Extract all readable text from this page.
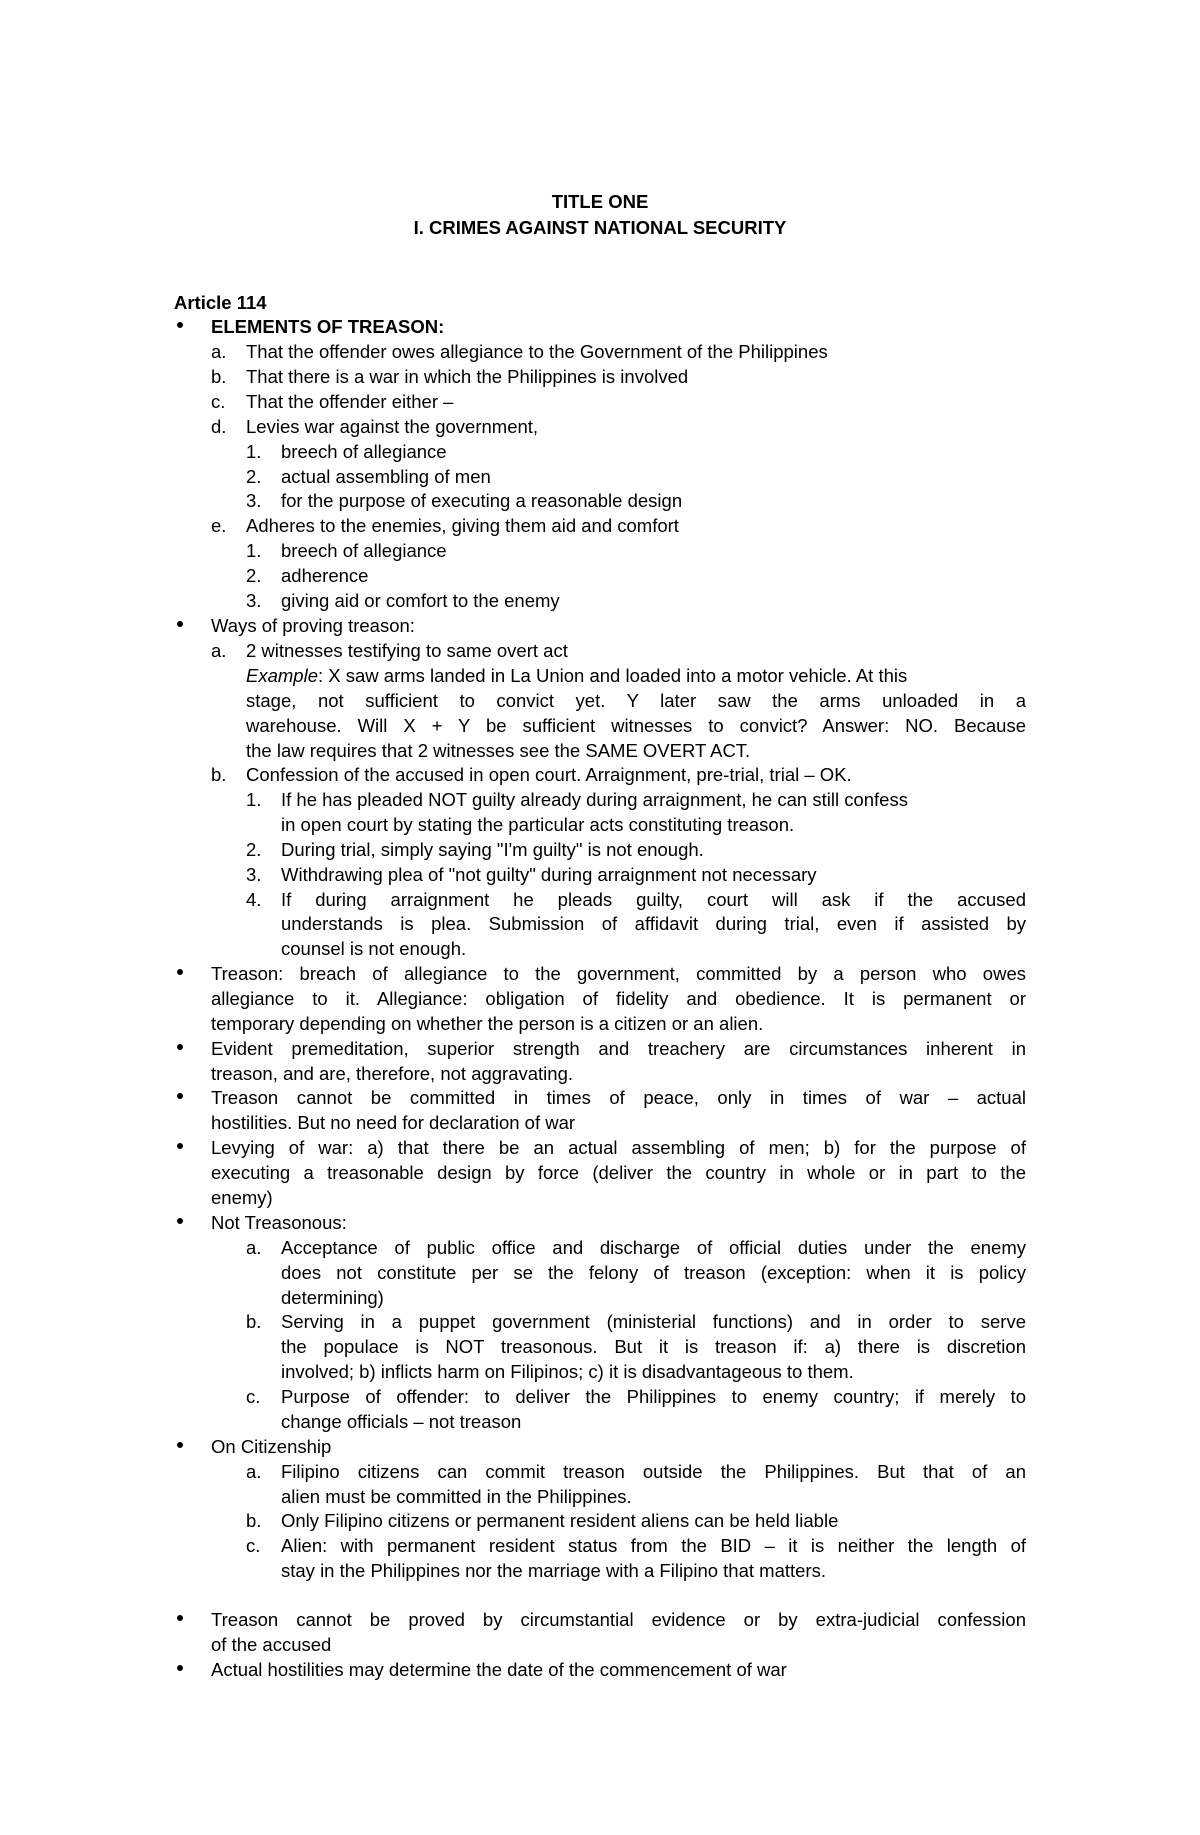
TITLE ONE
I. CRIMES AGAINST NATIONAL SECURITY
Article 114
ELEMENTS OF TREASON:
a. That the offender owes allegiance to the Government of the Philippines
b. That there is a war in which the Philippines is involved
c. That the offender either –
d. Levies war against the government,
1. breech of allegiance
2. actual assembling of men
3. for the purpose of executing a reasonable design
e. Adheres to the enemies, giving them aid and comfort
1. breech of allegiance
2. adherence
3. giving aid or comfort to the enemy
Ways of proving treason:
a. 2 witnesses testifying to same overt act
Example: X saw arms landed in La Union and loaded into a motor vehicle. At this
stage, not sufficient to convict yet. Y later saw the arms unloaded in a
warehouse. Will X + Y be sufficient witnesses to convict? Answer: NO. Because
the law requires that 2 witnesses see the SAME OVERT ACT.
b. Confession of the accused in open court. Arraignment, pre-trial, trial – OK.
1. If he has pleaded NOT guilty already during arraignment, he can still confess
in open court by stating the particular acts constituting treason.
2. During trial, simply saying "I'm guilty" is not enough.
3. Withdrawing plea of "not guilty" during arraignment not necessary
4. If during arraignment he pleads guilty, court will ask if the accused
understands is plea. Submission of affidavit during trial, even if assisted by
counsel is not enough.
Treason: breach of allegiance to the government, committed by a person who owes
allegiance to it. Allegiance: obligation of fidelity and obedience. It is permanent or
temporary depending on whether the person is a citizen or an alien.
Evident premeditation, superior strength and treachery are circumstances inherent in
treason, and are, therefore, not aggravating.
Treason cannot be committed in times of peace, only in times of war – actual
hostilities. But no need for declaration of war
Levying of war: a) that there be an actual assembling of men; b) for the purpose of
executing a treasonable design by force (deliver the country in whole or in part to the
enemy)
Not Treasonous:
a. Acceptance of public office and discharge of official duties under the enemy
does not constitute per se the felony of treason (exception: when it is policy
determining)
b. Serving in a puppet government (ministerial functions) and in order to serve
the populace is NOT treasonous. But it is treason if: a) there is discretion
involved; b) inflicts harm on Filipinos; c) it is disadvantageous to them.
c. Purpose of offender: to deliver the Philippines to enemy country; if merely to
change officials – not treason
On Citizenship
a. Filipino citizens can commit treason outside the Philippines. But that of an
alien must be committed in the Philippines.
b. Only Filipino citizens or permanent resident aliens can be held liable
c. Alien: with permanent resident status from the BID – it is neither the length of
stay in the Philippines nor the marriage with a Filipino that matters.
Treason cannot be proved by circumstantial evidence or by extra-judicial confession
of the accused
Actual hostilities may determine the date of the commencement of war
